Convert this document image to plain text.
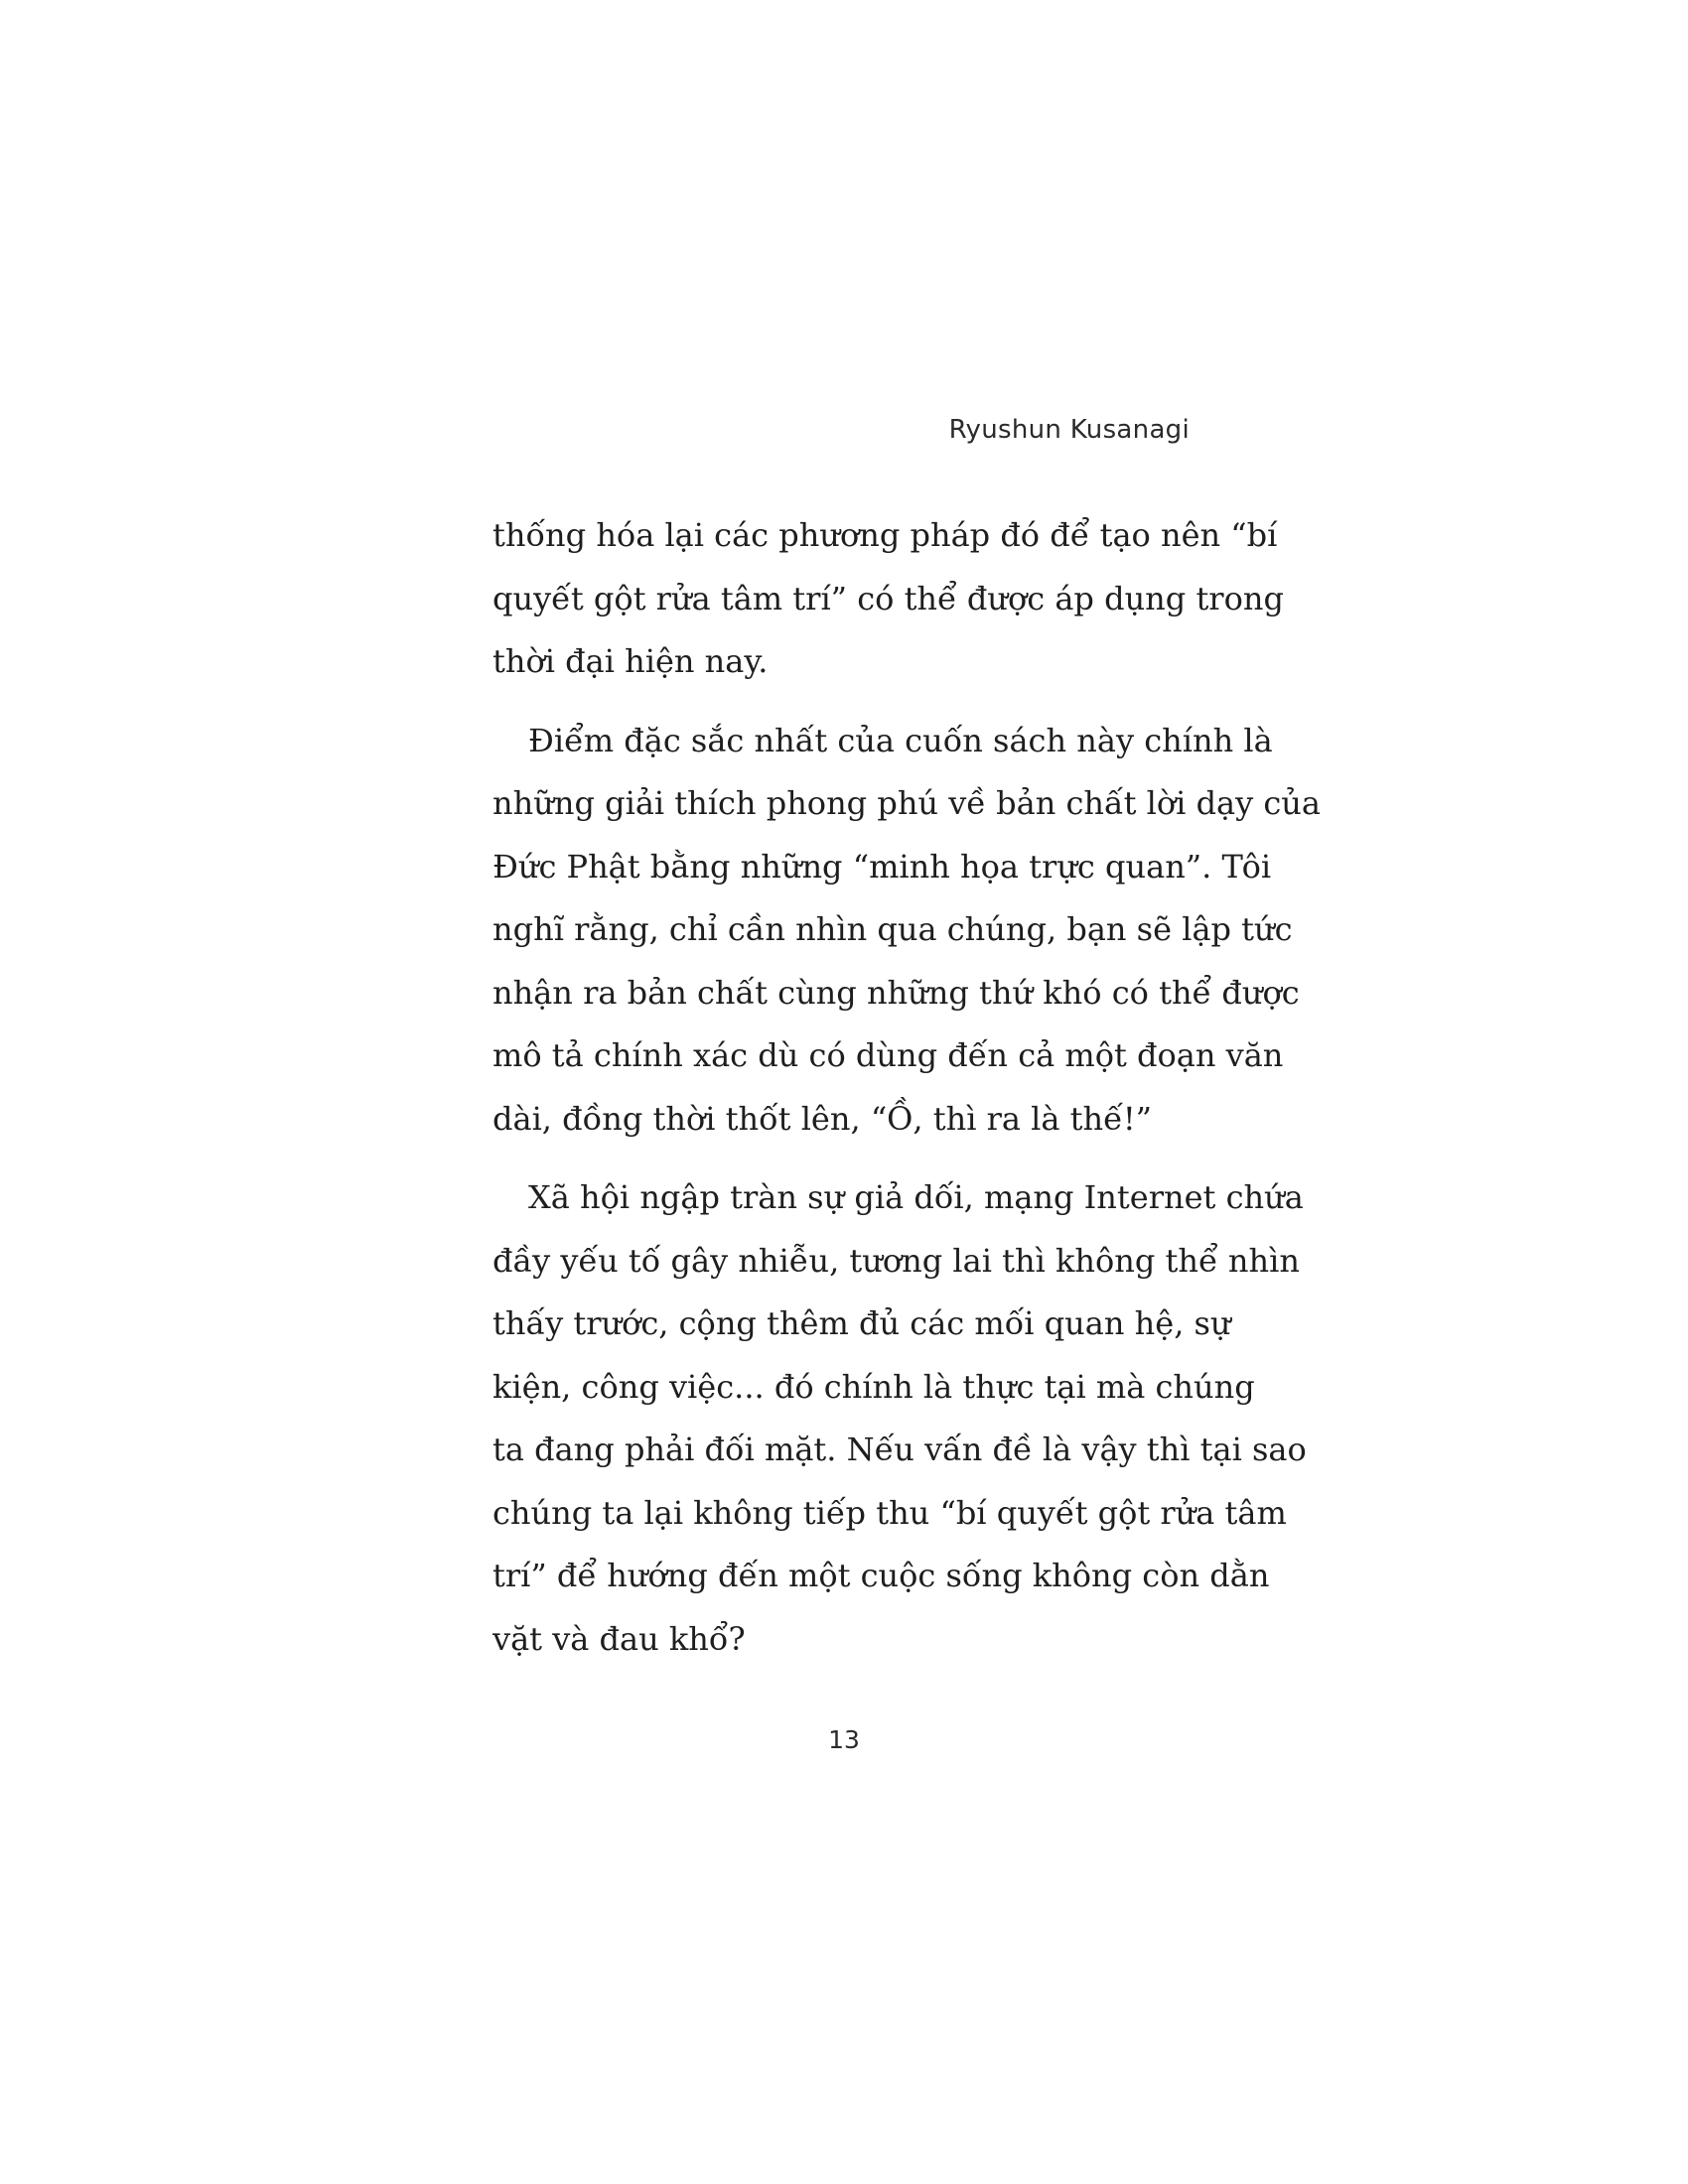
Ryushun Kusanagi
thống hóa lại các phương pháp đó để tạo nên “bí
quyết gột rửa tâm trí” có thể được áp dụng trong
thời đại hiện nay.
Điểm đặc sắc nhất của cuốn sách này chính là
những giải thích phong phú về bản chất lời dạy của
Đức Phật bằng những “minh họa trực quan”. Tôi
nghĩ rằng, chỉ cần nhìn qua chúng, bạn sẽ lập tức
nhận ra bản chất cùng những thứ khó có thể được
mô tả chính xác dù có dùng đến cả một đoạn văn
dài, đồng thời thốt lên, “Ồ, thì ra là thế!”
Xã hội ngập tràn sự giả dối, mạng Internet chứa
đầy yếu tố gây nhiễu, tương lai thì không thể nhìn
thấy trước, cộng thêm đủ các mối quan hệ, sự
kiện, công việc... đó chính là thực tại mà chúng
ta đang phải đối mặt. Nếu vấn đề là vậy thì tại sao
chúng ta lại không tiếp thu “bí quyết gột rửa tâm
trí” để hướng đến một cuộc sống không còn dằn
vặt và đau khổ?
13
